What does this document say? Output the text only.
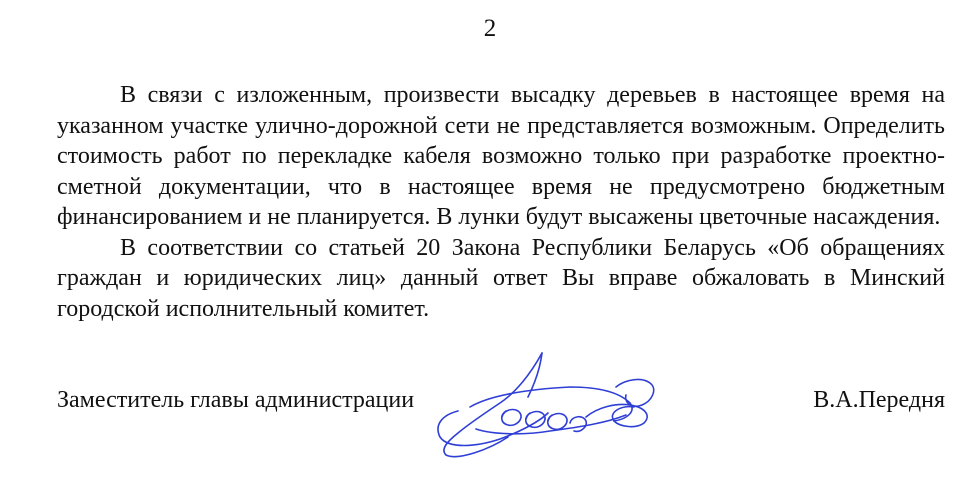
2

В связи с изложенным, произвести высадку деревьев в настоящее время на указанном участке улично-дорожной сети не представляется возможным. Определить стоимость работ по перекладке кабеля возможно только при разработке проектно-сметной документации, что в настоящее время не предусмотрено бюджетным финансированием и не планируется. В лунки будут высажены цветочные насаждения.

В соответствии со статьей 20 Закона Республики Беларусь «Об обращениях граждан и юридических лиц» данный ответ Вы вправе обжаловать в Минский городской исполнительный комитет.

Заместитель главы администрации	В.А.Передня
